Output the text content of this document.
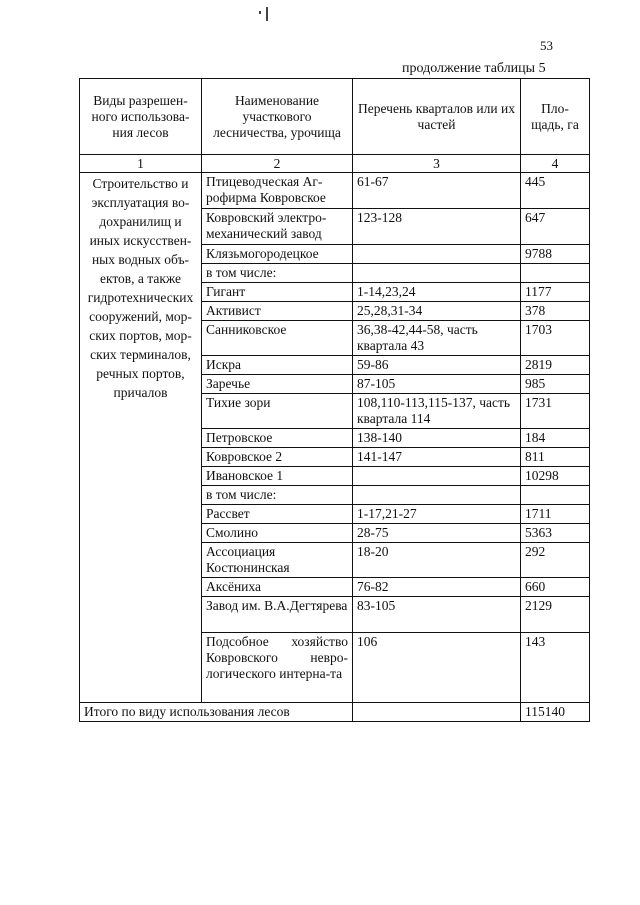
53
продолжение таблицы 5
Виды разрешен-ного использова-ния лесов	Наименование участкового лесничества, урочища	Перечень кварталов или их частей	Пло-щадь, га
1	2	3	4
Строительство и эксплуатация во-дохранилищ и иных искусствен-ных водных объ-ектов, а также гидротехнических сооружений, мор-ских портов, мор-ских терминалов, речных портов, причалов	Птицеводческая Аг-рофирма Ковровское	61-67	445
	Ковровский электро-механический завод	123-128	647
	Клязьмогородецкое		9788
	в том числе:		
	Гигант	1-14,23,24	1177
	Активист	25,28,31-34	378
	Санниковское	36,38-42,44-58, часть квартала 43	1703
	Искра	59-86	2819
	Заречье	87-105	985
	Тихие зори	108,110-113,115-137, часть квартала 114	1731
	Петровское	138-140	184
	Ковровское 2	141-147	811
	Ивановское 1		10298
	в том числе:		
	Рассвет	1-17,21-27	1711
	Смолино	28-75	5363
	Ассоциация Костюнинская	18-20	292
	Аксёниха	76-82	660
	Завод им. В.А.Дегтярева	83-105	2129
	Подсобное хозяйство Ковровского невро-логического интерна-та	106	143
Итого по виду использования лесов			115140
